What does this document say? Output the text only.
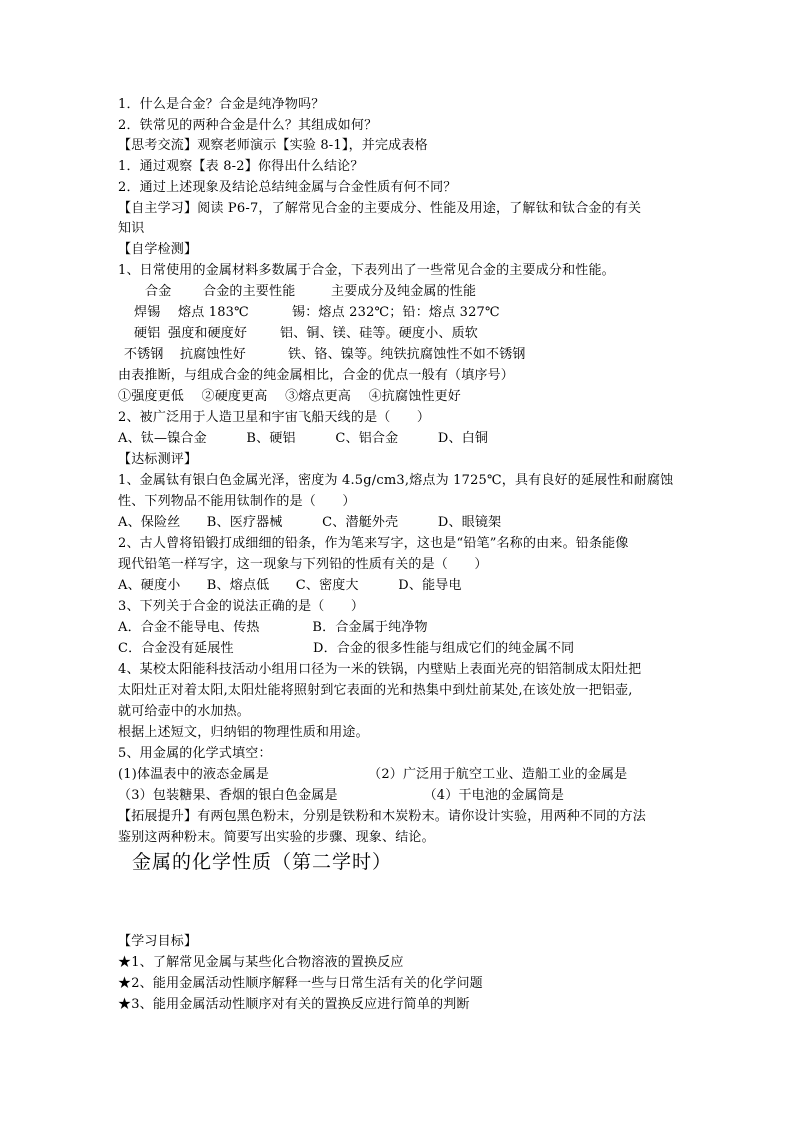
1．什么是合金？合金是纯净物吗？
2．铁常见的两种合金是什么？其组成如何？
【思考交流】观察老师演示【实验 8-1】，并完成表格
1．通过观察【表 8-2】你得出什么结论？
2．通过上述现象及结论总结纯金属与合金性质有何不同？
【自主学习】阅读 P6-7，了解常见合金的主要成分、性能及用途，了解钛和钛合金的有关
知识
【自学检测】
1、日常使用的金属材料多数属于合金，下表列出了一些常见合金的主要成分和性能。
合金 合金的主要性能	主要成分及纯金属的性能
焊锡 熔点 183℃	锡：熔点 232℃；铅：熔点 327℃
硬铝 强度和硬度好	铝、铜、镁、硅等。硬度小、质软
不锈钢 抗腐蚀性好	铁、铬、镍等。纯铁抗腐蚀性不如不锈钢
由表推断，与组成合金的纯金属相比，合金的优点一般有（填序号）
①强度更低　 ②硬度更高　 ③熔点更高　 ④抗腐蚀性更好
2、被广泛用于人造卫星和宇宙飞船天线的是（　　）
A、钛—镍合金　　　B、硬铝　　　C、铝合金　　　D、白铜
【达标测评】
1、金属钛有银白色金属光泽，密度为 4.5g/cm3,熔点为 1725℃，具有良好的延展性和耐腐蚀
性、下列物品不能用钛制作的是（　　）
A、保险丝　　B、医疗器械　　　C、潜艇外壳　　　D、眼镜架
2、古人曾将铅锻打成细细的铅条，作为笔来写字，这也是“铅笔”名称的由来。铅条能像
现代铅笔一样写字，这一现象与下列铅的性质有关的是（　　）
A、硬度小　　B、熔点低　　C、密度大　　　D、能导电
3、下列关于合金的说法正确的是（　　）
A．合金不能导电、传热　　　　B．合金属于纯净物
C．合金没有延展性　　　　　　D．合金的很多性能与组成它们的纯金属不同
4、某校太阳能科技活动小组用口径为一米的铁锅，内壁贴上表面光亮的铝箔制成太阳灶把
太阳灶正对着太阳,太阳灶能将照射到它表面的光和热集中到灶前某处,在该处放一把铝壶,
就可给壶中的水加热。
根据上述短文，归纳铝的物理性质和用途。
5、用金属的化学式填空：
(1)体温表中的液态金属是　　　　　　　　（2）广泛用于航空工业、造船工业的金属是
（3）包装糖果、香烟的银白色金属是　　　　　　　（4）干电池的金属筒是
【拓展提升】有两包黑色粉末，分别是铁粉和木炭粉末。请你设计实验，用两种不同的方法
鉴别这两种粉末。简要写出实验的步骤、现象、结论。
金属的化学性质（第二学时）
【学习目标】
★1、了解常见金属与某些化合物溶液的置换反应
★2、能用金属活动性顺序解释一些与日常生活有关的化学问题
★3、能用金属活动性顺序对有关的置换反应进行简单的判断
